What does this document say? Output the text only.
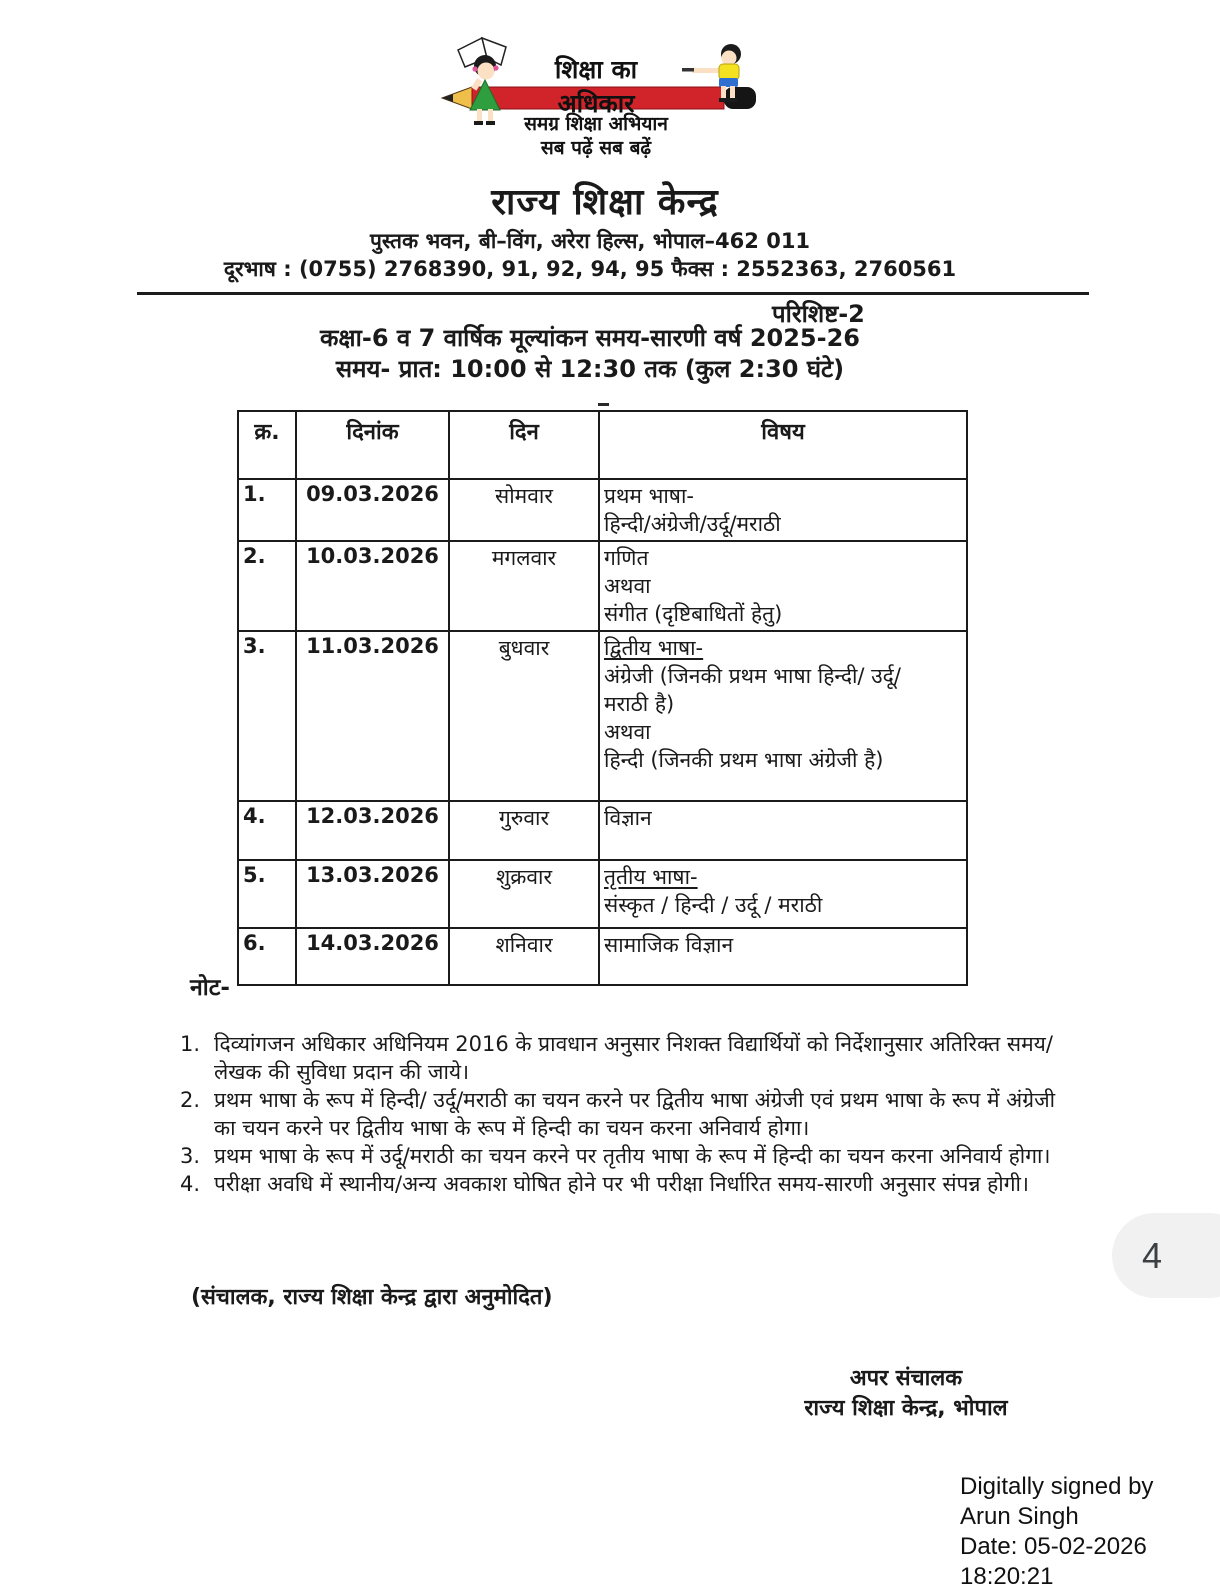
शिक्षा का अधिकार
समग्र शिक्षा अभियान
सब पढ़ें सब बढ़ें
राज्य शिक्षा केन्द्र
पुस्तक भवन, बी–विंग, अरेरा हिल्स, भोपाल–462 011
दूरभाष : (0755) 2768390, 91, 92, 94, 95 फैक्स : 2552363, 2760561
परिशिष्ट-2
कक्षा-6 व 7 वार्षिक मूल्यांकन समय-सारणी वर्ष 2025-26
समय- प्रात: 10:00 से 12:30 तक (कुल 2:30 घंटे)
क्र.	दिनांक	दिन	विषय
1.	09.03.2026	सोमवार	प्रथम भाषा-
हिन्दी/अंग्रेजी/उर्दू/मराठी

2.	10.03.2026	मगलवार	गणित
अथवा
संगीत (दृष्टिबाधितों हेतु)

3.	11.03.2026	बुधवार	द्वितीय भाषा-
अंग्रेजी (जिनकी प्रथम भाषा हिन्दी/ उर्दू/
मराठी है)
अथवा
हिन्दी (जिनकी प्रथम भाषा अंग्रेजी है)

4.	12.03.2026	गुरुवार	विज्ञान

5.	13.03.2026	शुक्रवार	तृतीय भाषा-
संस्कृत / हिन्दी / उर्दू / मराठी

6.	14.03.2026	शनिवार	सामाजिक विज्ञान
नोट-
1. दिव्यांगजन अधिकार अधिनियम 2016 के प्रावधान अनुसार निशक्त विद्यार्थियों को निर्देशानुसार अतिरिक्त समय/ लेखक की सुविधा प्रदान की जाये।
2. प्रथम भाषा के रूप में हिन्दी/ उर्दू/मराठी का चयन करने पर द्वितीय भाषा अंग्रेजी एवं प्रथम भाषा के रूप में अंग्रेजी का चयन करने पर द्वितीय भाषा के रूप में हिन्दी का चयन करना अनिवार्य होगा।
3. प्रथम भाषा के रूप में उर्दू/मराठी का चयन करने पर तृतीय भाषा के रूप में हिन्दी का चयन करना अनिवार्य होगा।
4. परीक्षा अवधि में स्थानीय/अन्य अवकाश घोषित होने पर भी परीक्षा निर्धारित समय-सारणी अनुसार संपन्न होगी।
(संचालक, राज्य शिक्षा केन्द्र द्वारा अनुमोदित)
अपर संचालक
राज्य शिक्षा केन्द्र, भोपाल
Digitally signed by
Arun Singh
Date: 05-02-2026
18:20:21
4
